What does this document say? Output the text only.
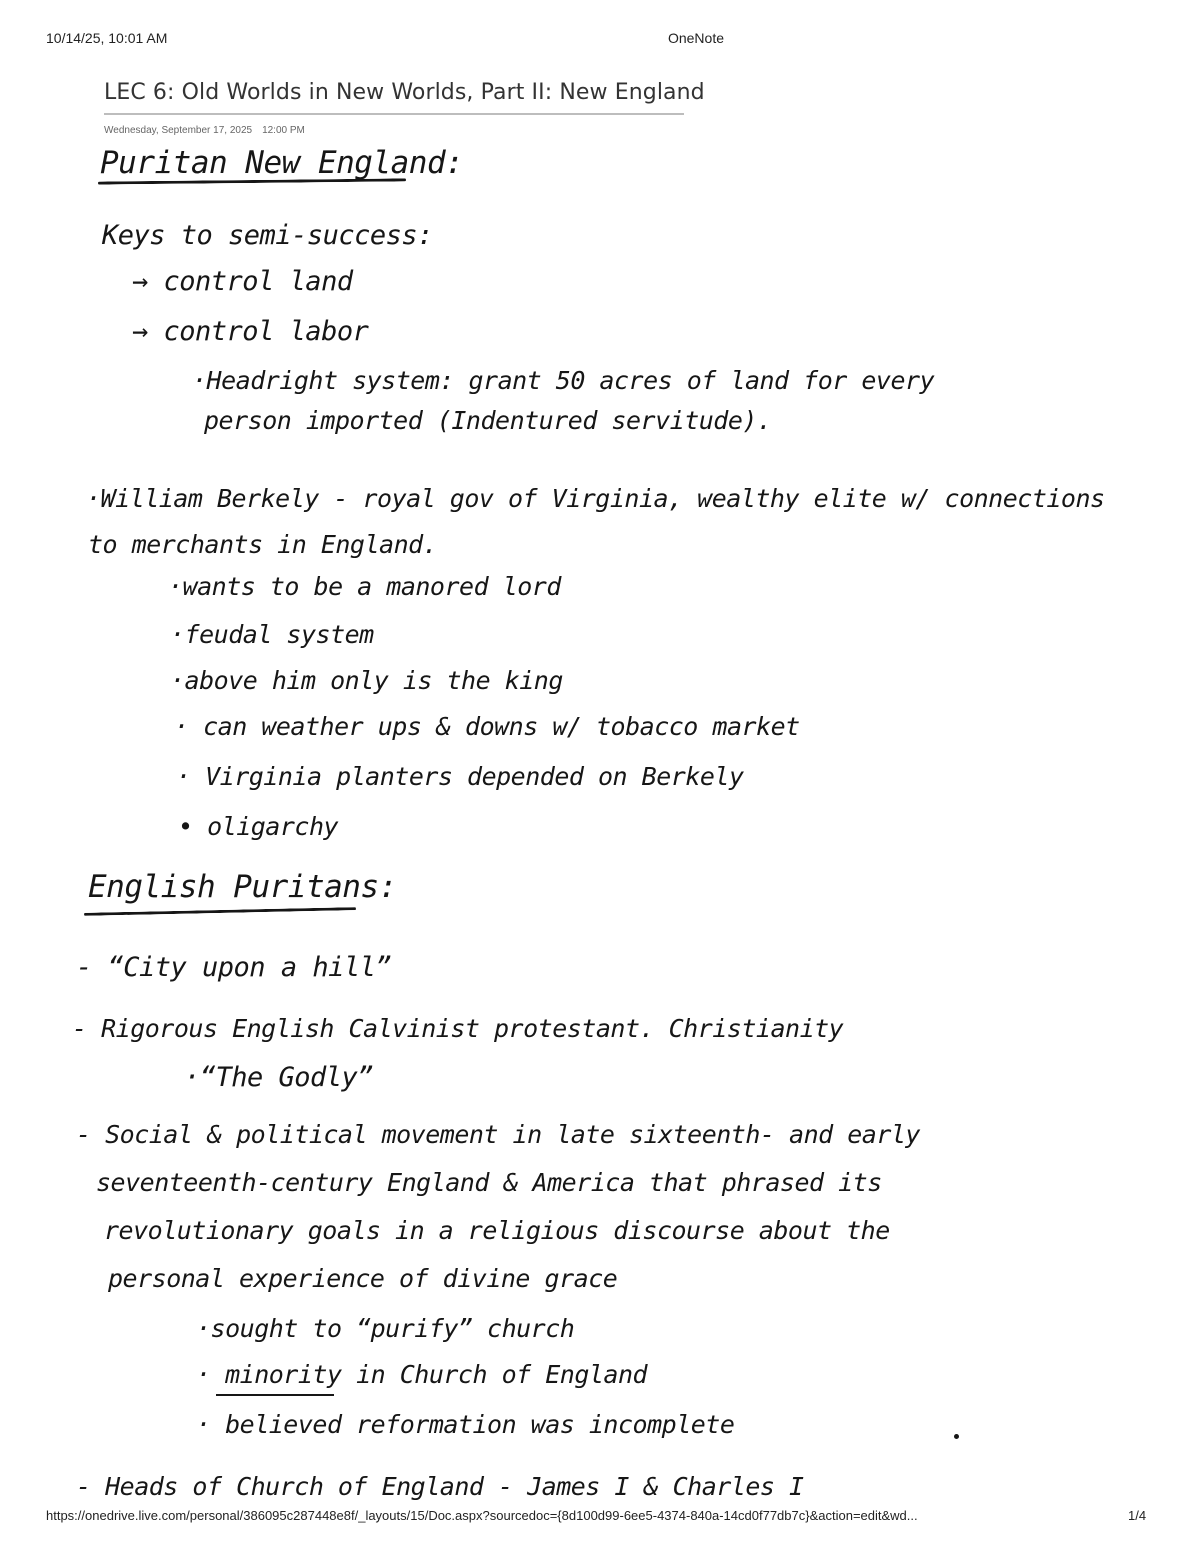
10/14/25, 10:01 AM	OneNote
LEC 6: Old Worlds in New Worlds, Part II: New England
Wednesday, September 17, 2025 12:00 PM
Puritan New England:
Keys to semi-success:
→ control land
→ control labor
·Headright system: grant 50 acres of land for every
person imported (Indentured servitude).
·William Berkely - royal gov of Virginia, wealthy elite w/ connections
to merchants in England.
·wants to be a manored lord
·feudal system
·above him only is the king
· can weather ups & downs w/ tobacco market
· Virginia planters depended on Berkely
• oligarchy
English Puritans:
- “City upon a hill”
- Rigorous English Calvinist protestant. Christianity
·“The Godly”
- Social & political movement in late sixteenth- and early
seventeenth-century England & America that phrased its
revolutionary goals in a religious discourse about the
personal experience of divine grace
·sought to “purify” church
· minority in Church of England
· believed reformation was incomplete
- Heads of Church of England - James I & Charles I
https://onedrive.live.com/personal/386095c287448e8f/_layouts/15/Doc.aspx?sourcedoc={8d100d99-6ee5-4374-840a-14cd0f77db7c}&action=edit&wd...	1/4
